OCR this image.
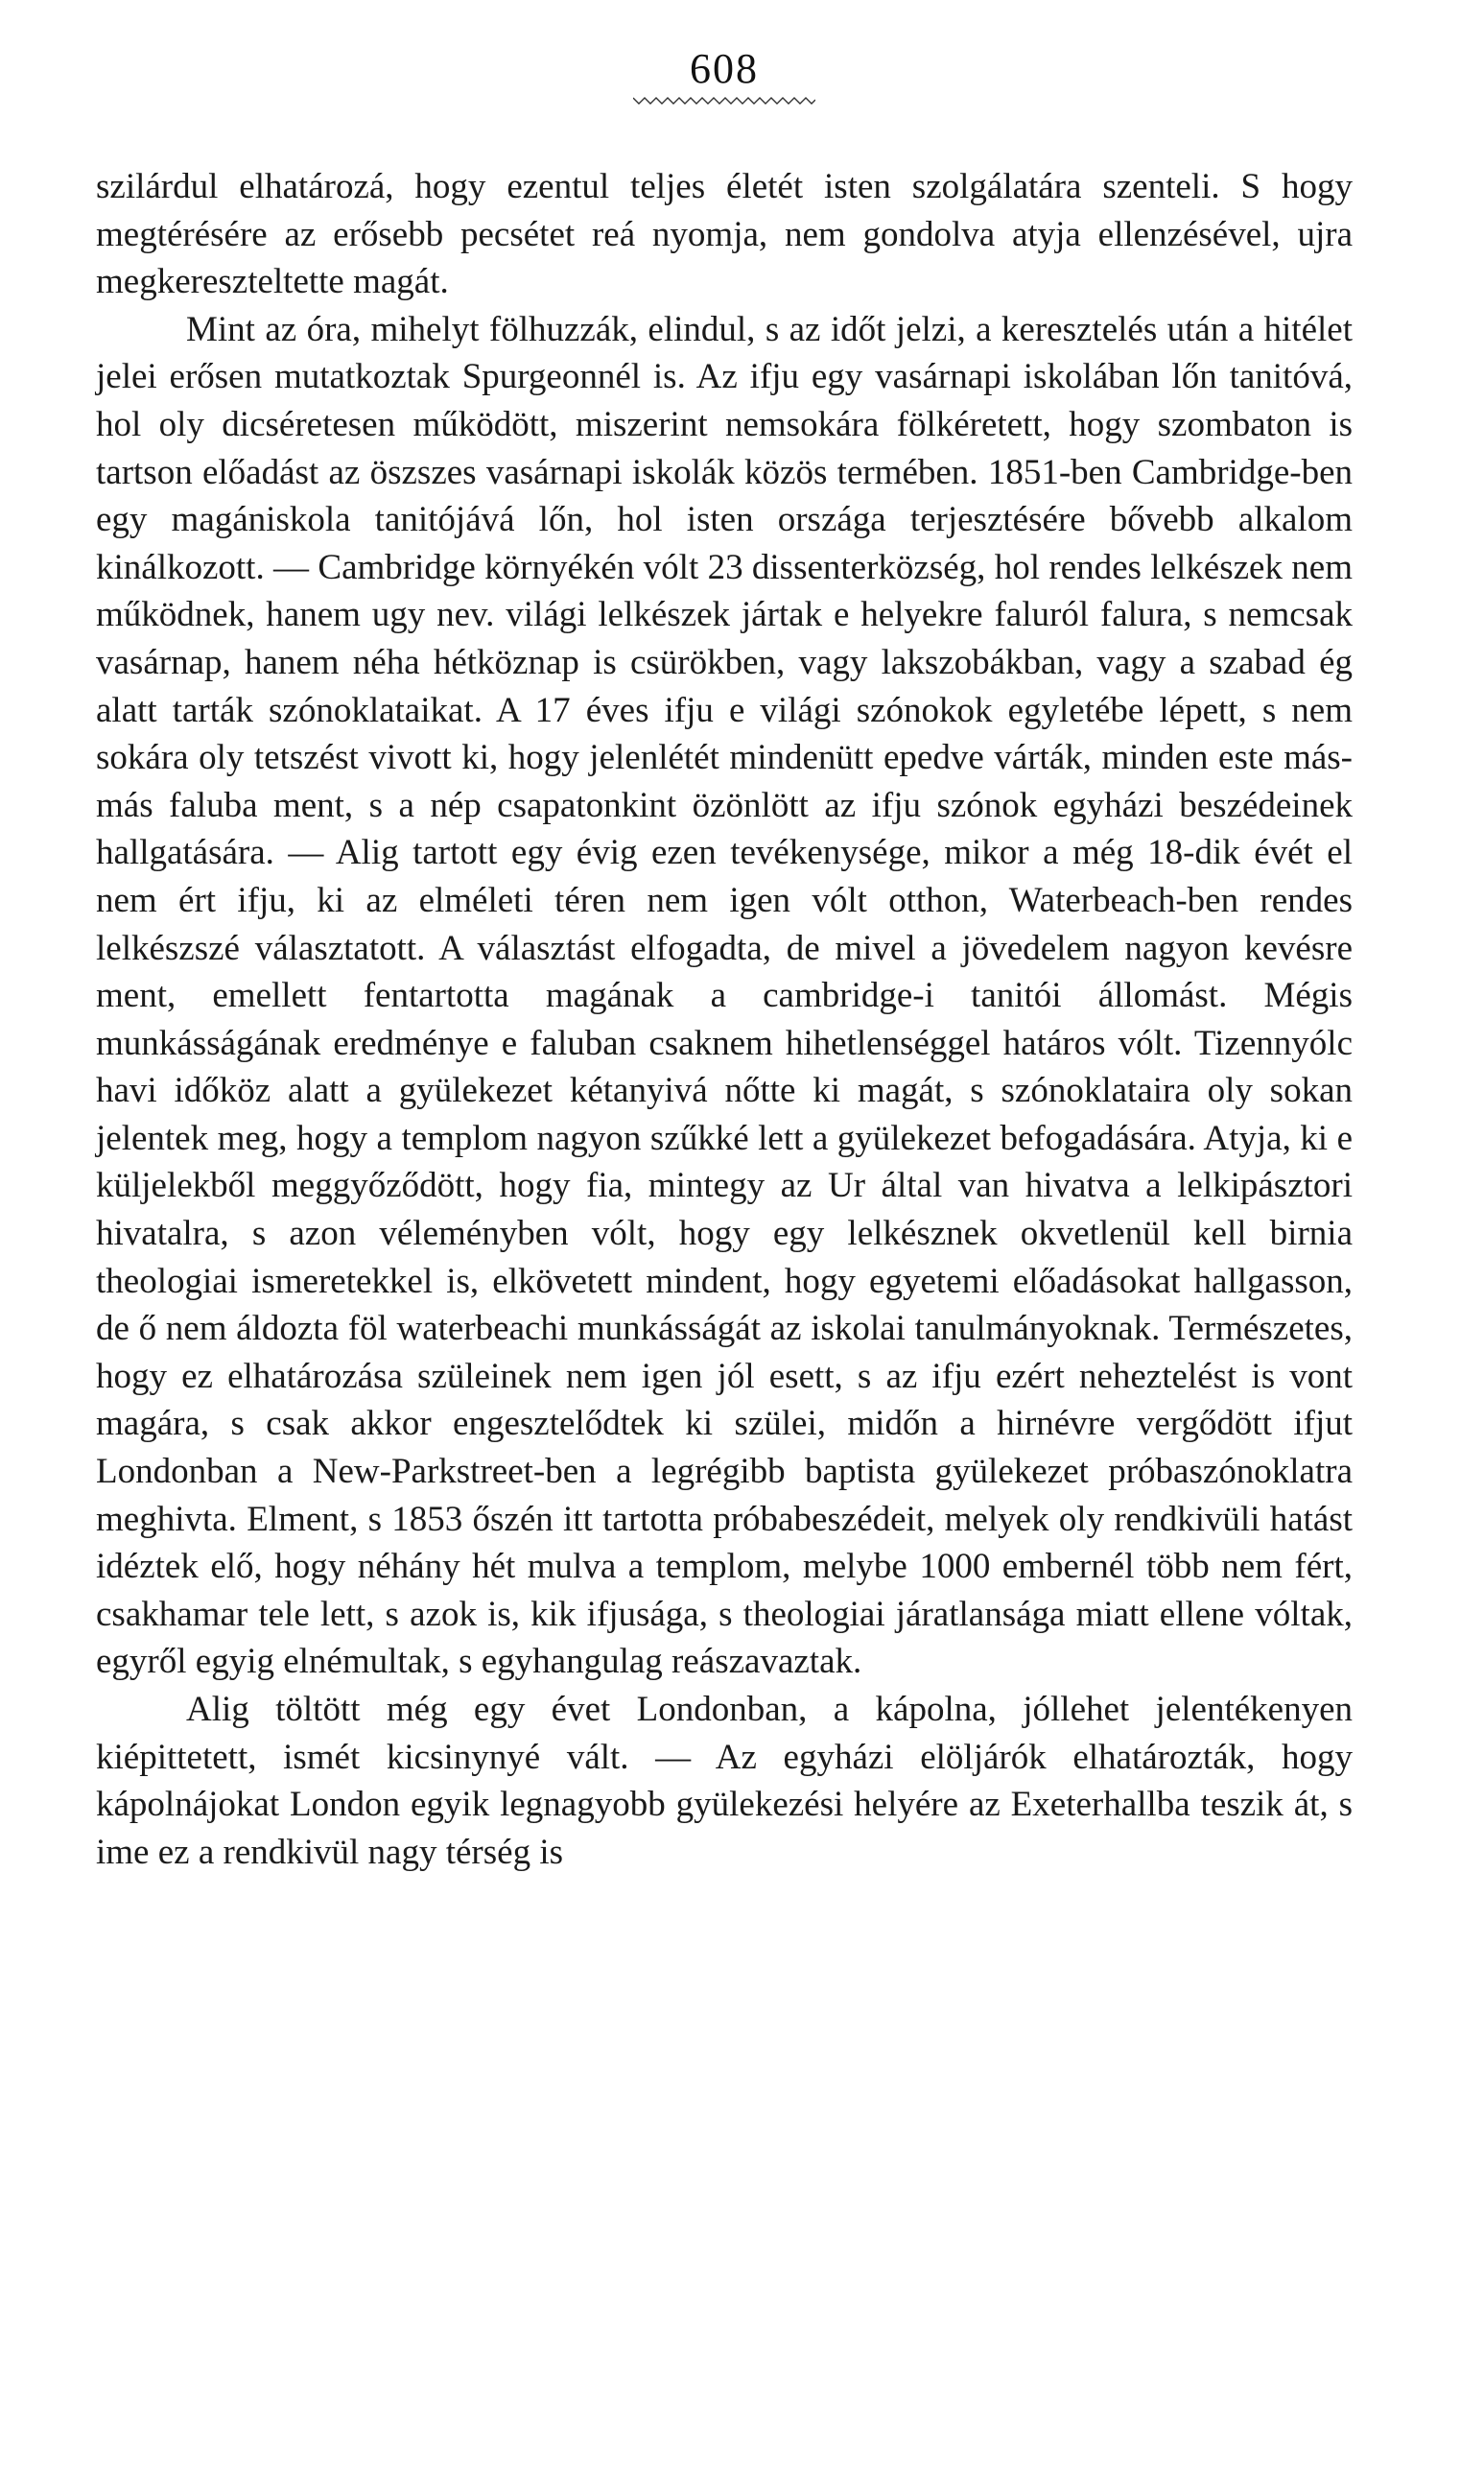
608

szilárdul elhatározá, hogy ezentul teljes életét isten szolgálatára szenteli. S hogy megtérésére az erősebb pecsétet reá nyomja, nem gondolva atyja ellenzésével, ujra megkereszteltette magát.

Mint az óra, mihelyt fölhuzzák, elindul, s az időt jelzi, a keresztelés után a hitélet jelei erősen mutatkoztak Spurgeonnél is. Az ifju egy vasárnapi iskolában lőn tanitóvá, hol oly dicséretesen működött, miszerint nemsokára fölkéretett, hogy szombaton is tartson előadást az öszszes vasárnapi iskolák közös termében. 1851-ben Cambridge-ben egy magániskola tanitójává lőn, hol isten országa terjesztésére bővebb alkalom kinálkozott. — Cambridge környékén vólt 23 dissenterközség, hol rendes lelkészek nem működnek, hanem ugy nev. világi lelkészek jártak e helyekre faluról falura, s nemcsak vasárnap, hanem néha hétköznap is csürökben, vagy lakszobákban, vagy a szabad ég alatt tarták szónoklataikat. A 17 éves ifju e világi szónokok egyletébe lépett, s nem sokára oly tetszést vivott ki, hogy jelenlétét mindenütt epedve várták, minden este más-más faluba ment, s a nép csapatonkint özönlött az ifju szónok egyházi beszédeinek hallgatására. — Alig tartott egy évig ezen tevékenysége, mikor a még 18-dik évét el nem ért ifju, ki az elméleti téren nem igen vólt otthon, Waterbeach-ben rendes lelkészszé választatott. A választást elfogadta, de mivel a jövedelem nagyon kevésre ment, emellett fentartotta magának a cambridge-i tanitói állomást. Mégis munkásságának eredménye e faluban csaknem hihetlenséggel határos vólt. Tizennyólc havi időköz alatt a gyülekezet kétanyivá nőtte ki magát, s szónoklataira oly sokan jelentek meg, hogy a templom nagyon szűkké lett a gyülekezet befogadására. Atyja, ki e küljelekből meggyőződött, hogy fia, mintegy az Ur által van hivatva a lelkipásztori hivatalra, s azon véleményben vólt, hogy egy lelkésznek okvetlenül kell birnia theologiai ismeretekkel is, elkövetett mindent, hogy egyetemi előadásokat hallgasson, de ő nem áldozta föl waterbeachi munkásságát az iskolai tanulmányoknak. Természetes, hogy ez elhatározása szüleinek nem igen jól esett, s az ifju ezért neheztelést is vont magára, s csak akkor engesztelődtek ki szülei, midőn a hirnévre vergődött ifjut Londonban a New-Parkstreet-ben a legrégibb baptista gyülekezet próbaszónoklatra meghivta. Elment, s 1853 őszén itt tartotta próbabeszédeit, melyek oly rendkivüli hatást idéztek elő, hogy néhány hét mulva a templom, melybe 1000 embernél több nem fért, csakhamar tele lett, s azok is, kik ifjusága, s theologiai járatlansága miatt ellene vóltak, egyről egyig elnémultak, s egyhangulag reászavaztak.

Alig töltött még egy évet Londonban, a kápolna, jóllehet jelentékenyen kiépittetett, ismét kicsinynyé vált. — Az egyházi elöljárók elhatározták, hogy kápolnájokat London egyik legnagyobb gyülekezési helyére az Exeterhallba teszik át, s ime ez a rendkivül nagy térség is
